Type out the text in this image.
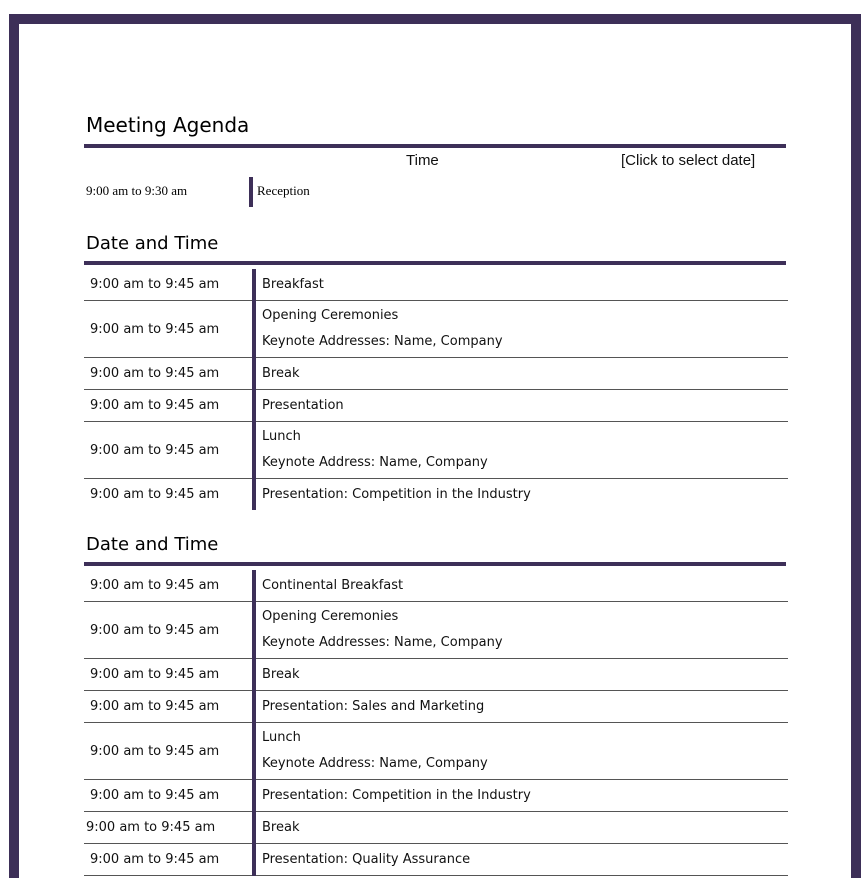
Meeting Agenda
Time	[Click to select date]
9:00 am to 9:30 am	Reception
Date and Time
9:00 am to 9:45 am	Breakfast

9:00 am to 9:45 am	Opening Ceremonies
Keynote Addresses: Name, Company

9:00 am to 9:45 am	Break

9:00 am to 9:45 am	Presentation

9:00 am to 9:45 am	Lunch
Keynote Address: Name, Company

9:00 am to 9:45 am	Presentation: Competition in the Industry
Date and Time
9:00 am to 9:45 am	Continental Breakfast

9:00 am to 9:45 am	Opening Ceremonies
Keynote Addresses: Name, Company

9:00 am to 9:45 am	Break

9:00 am to 9:45 am	Presentation: Sales and Marketing

9:00 am to 9:45 am	Lunch
Keynote Address: Name, Company

9:00 am to 9:45 am	Presentation: Competition in the Industry

9:00 am to 9:45 am	Break

9:00 am to 9:45 am	Presentation: Quality Assurance
